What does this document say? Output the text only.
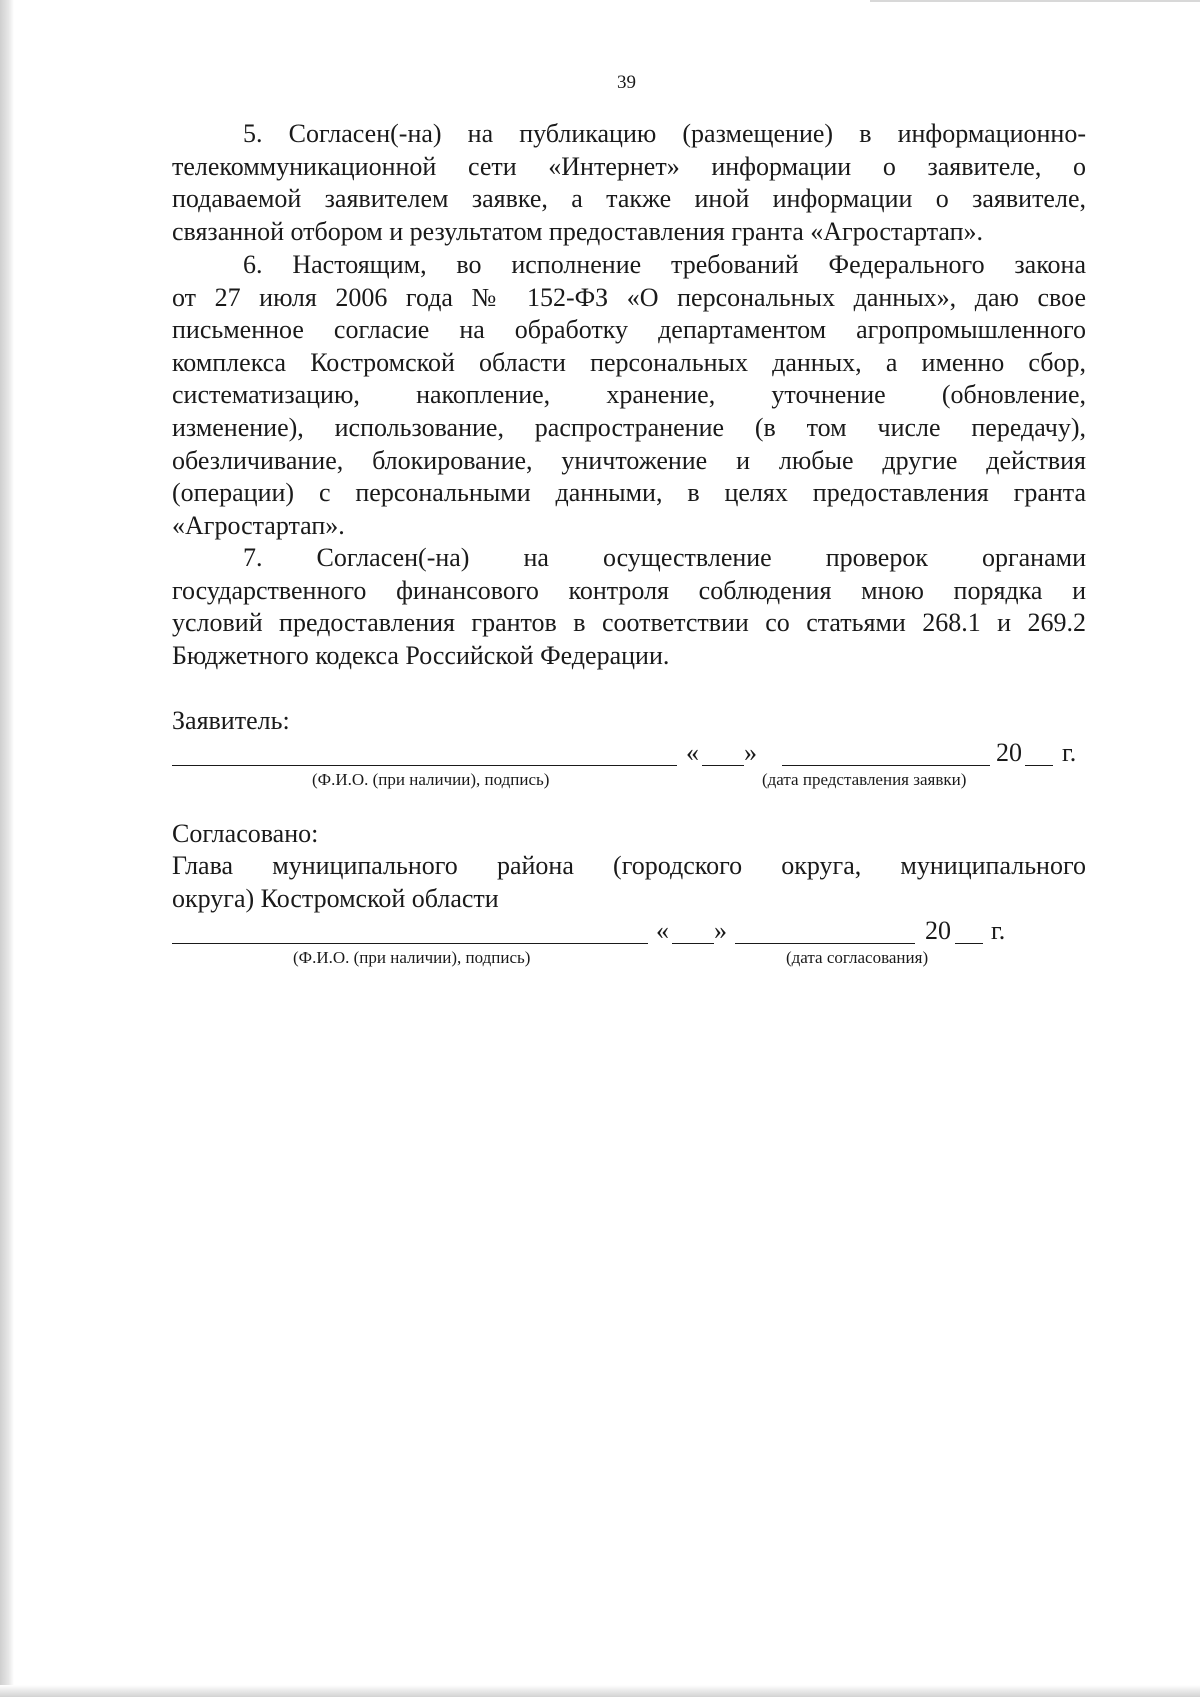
39
5. Согласен(-на) на публикацию (размещение) в информационно-
телекоммуникационной сети «Интернет» информации о заявителе, о
подаваемой заявителем заявке, а также иной информации о заявителе,
связанной отбором и результатом предоставления гранта «Агростартап».
6. Настоящим, во исполнение требований Федерального закона
от 27 июля 2006 года № 152-ФЗ «О персональных данных», даю свое
письменное согласие на обработку департаментом агропромышленного
комплекса Костромской области персональных данных, а именно сбор,
систематизацию, накопление, хранение, уточнение (обновление,
изменение), использование, распространение (в том числе передачу),
обезличивание, блокирование, уничтожение и любые другие действия
(операции) с персональными данными, в целях предоставления гранта
«Агростартап».
7. Согласен(-на) на осуществление проверок органами
государственного финансового контроля соблюдения мною порядка и
условий предоставления грантов в соответствии со статьями 268.1 и 269.2
Бюджетного кодекса Российской Федерации.
Заявитель:
« »	20 г.
(Ф.И.О. (при наличии), подпись)	(дата представления заявки)
Согласовано:
Глава муниципального района (городского округа, муниципального
округа) Костромской области
« »	20 г.
(Ф.И.О. (при наличии), подпись)	(дата согласования)
